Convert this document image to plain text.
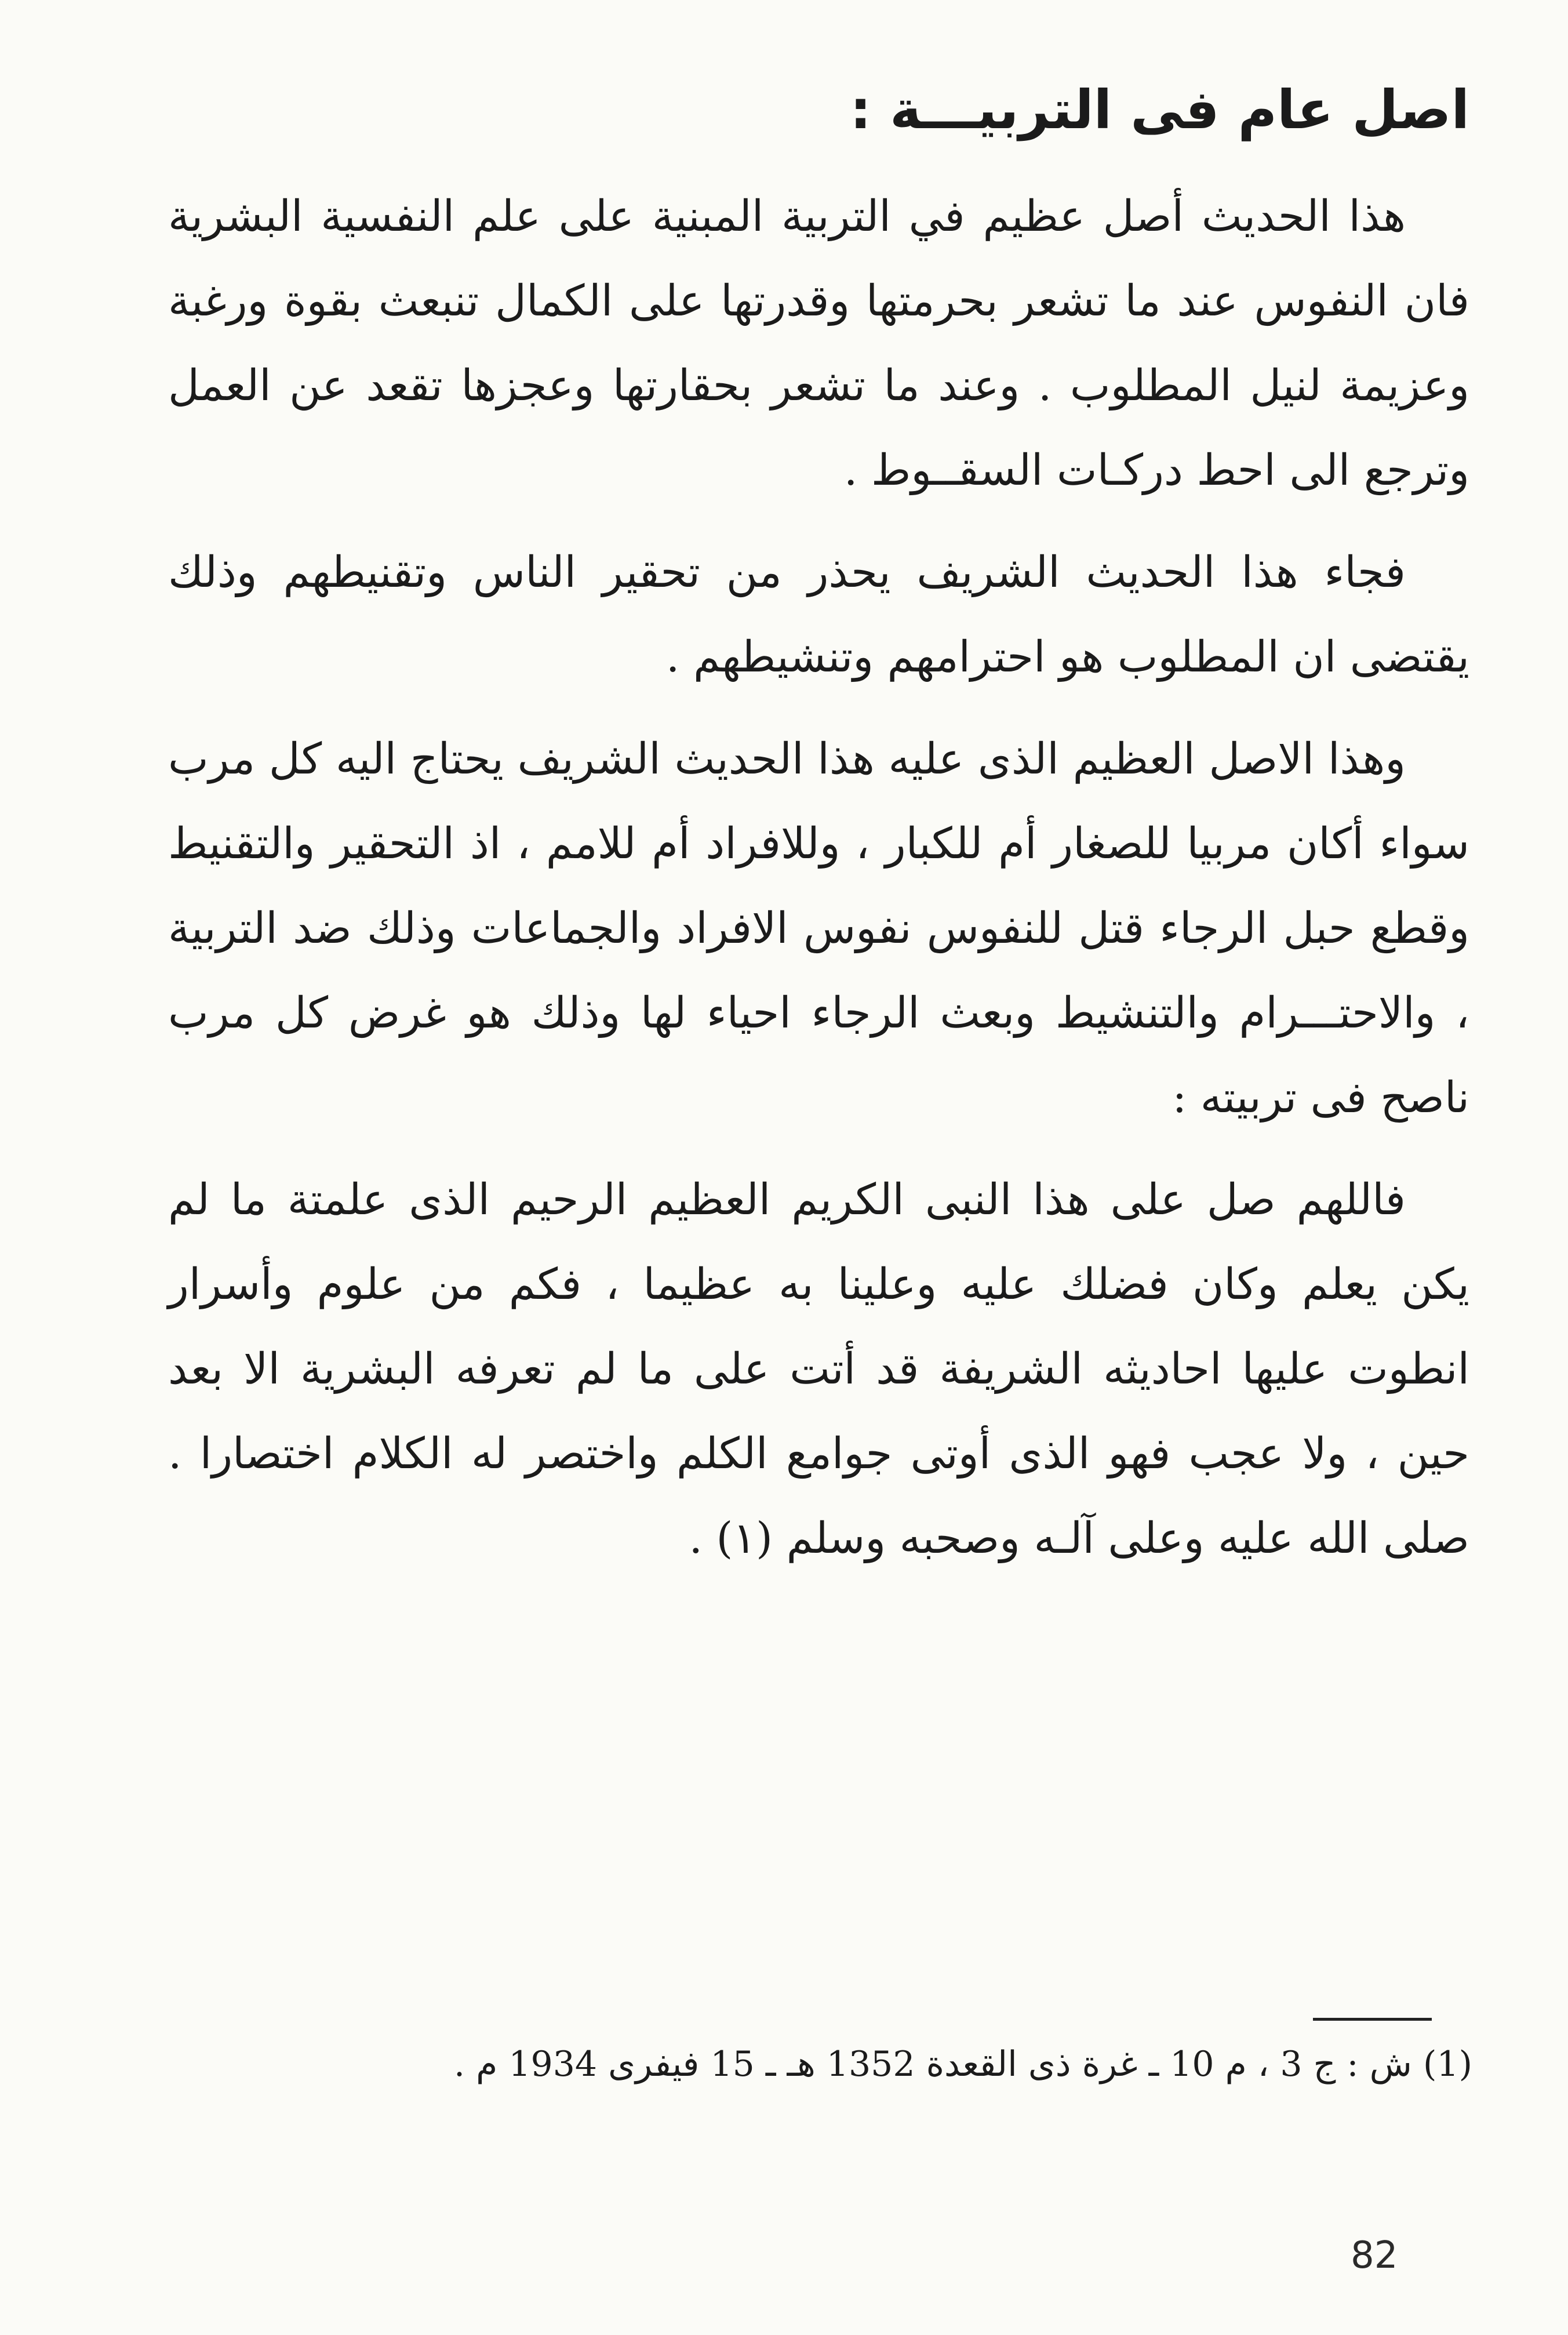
اصل عام فى التربيـــة :

هذا الحديث أصل عظيم في التربية المبنية على علم النفسية البشرية فان النفوس عند ما تشعر بحرمتها وقدرتها على الكمال تنبعث بقوة ورغبة وعزيمة لنيل المطلوب . وعند ما تشعر بحقارتها وعجزها تقعد عن العمل وترجع الى احط دركـات السقــوط .

فجاء هذا الحديث الشريف يحذر من تحقير الناس وتقنيطهم وذلك يقتضى ان المطلوب هو احترامهم وتنشيطهم .

وهذا الاصل العظيم الذى عليه هذا الحديث الشريف يحتاج اليه كل مرب سواء أكان مربيا للصغار أم للكبار ، وللافراد أم للامم ، اذ التحقير والتقنيط وقطع حبل الرجاء قتل للنفوس نفوس الافراد والجماعات وذلك ضد التربية ، والاحتـــرام والتنشيط وبعث الرجاء احياء لها وذلك هو غرض كل مرب ناصح فى تربيته :

فاللهم صل على هذا النبى الكريم العظيم الرحيم الذى علمتة ما لم يكن يعلم وكان فضلك عليه وعلينا به عظيما ، فكم من علوم وأسرار انطوت عليها احاديثه الشريفة قد أتت على ما لم تعرفه البشرية الا بعد حين ، ولا عجب فهو الذى أوتى جوامع الكلم واختصر له الكلام اختصارا . صلى الله عليه وعلى آلـه وصحبه وسلم (١) .

(1) ش : ج 3 ، م 10 ـ غرة ذى القعدة 1352 هـ ـ 15 فيفرى 1934 م .
82
